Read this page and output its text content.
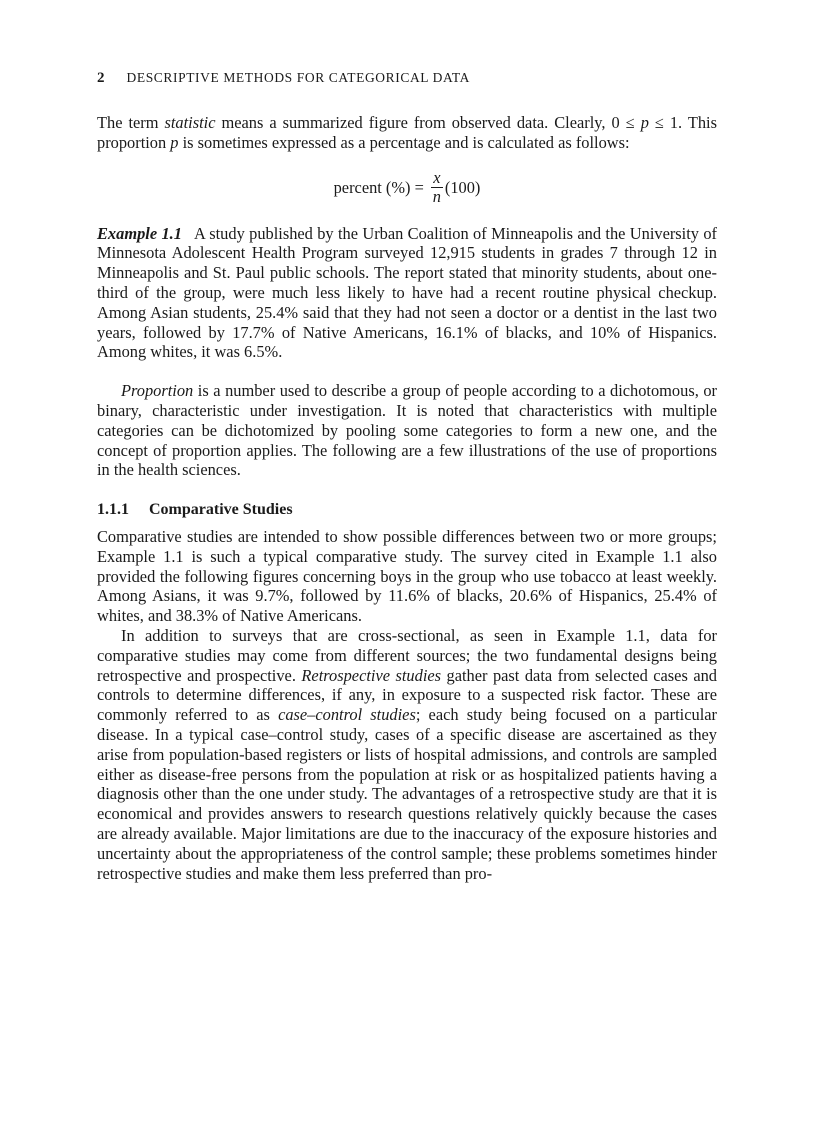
2 DESCRIPTIVE METHODS FOR CATEGORICAL DATA

The term statistic means a summarized figure from observed data. Clearly, 0 ≤ p ≤ 1. This proportion p is sometimes expressed as a percentage and is calculated as follows:

percent (%) = $\frac{x}{n} (100)$

Example 1.1 A study published by the Urban Coalition of Minneapolis and the University of Minnesota Adolescent Health Program surveyed 12,915 students in grades 7 through 12 in Minneapolis and St. Paul public schools. The report stated that minority students, about one-third of the group, were much less likely to have had a recent routine physical checkup. Among Asian students, 25.4% said that they had not seen a doctor or a dentist in the last two years, followed by 17.7% of Native Americans, 16.1% of blacks, and 10% of Hispanics. Among whites, it was 6.5%.

Proportion is a number used to describe a group of people according to a dichotomous, or binary, characteristic under investigation. It is noted that characteristics with multiple categories can be dichotomized by pooling some categories to form a new one, and the concept of proportion applies. The following are a few illustrations of the use of proportions in the health sciences.

1.1.1 Comparative Studies

Comparative studies are intended to show possible differences between two or more groups; Example 1.1 is such a typical comparative study. The survey cited in Example 1.1 also provided the following figures concerning boys in the group who use tobacco at least weekly. Among Asians, it was 9.7%, followed by 11.6% of blacks, 20.6% of Hispanics, 25.4% of whites, and 38.3% of Native Americans.

In addition to surveys that are cross-sectional, as seen in Example 1.1, data for comparative studies may come from different sources; the two fundamental designs being retrospective and prospective. Retrospective studies gather past data from selected cases and controls to determine differences, if any, in exposure to a suspected risk factor. These are commonly referred to as case–control studies; each study being focused on a particular disease. In a typical case–control study, cases of a specific disease are ascertained as they arise from population-based registers or lists of hospital admissions, and controls are sampled either as disease-free persons from the population at risk or as hospitalized patients having a diagnosis other than the one under study. The advantages of a retrospective study are that it is economical and provides answers to research questions relatively quickly because the cases are already available. Major limitations are due to the inaccuracy of the exposure histories and uncertainty about the appropriateness of the control sample; these problems sometimes hinder retrospective studies and make them less preferred than pro-
